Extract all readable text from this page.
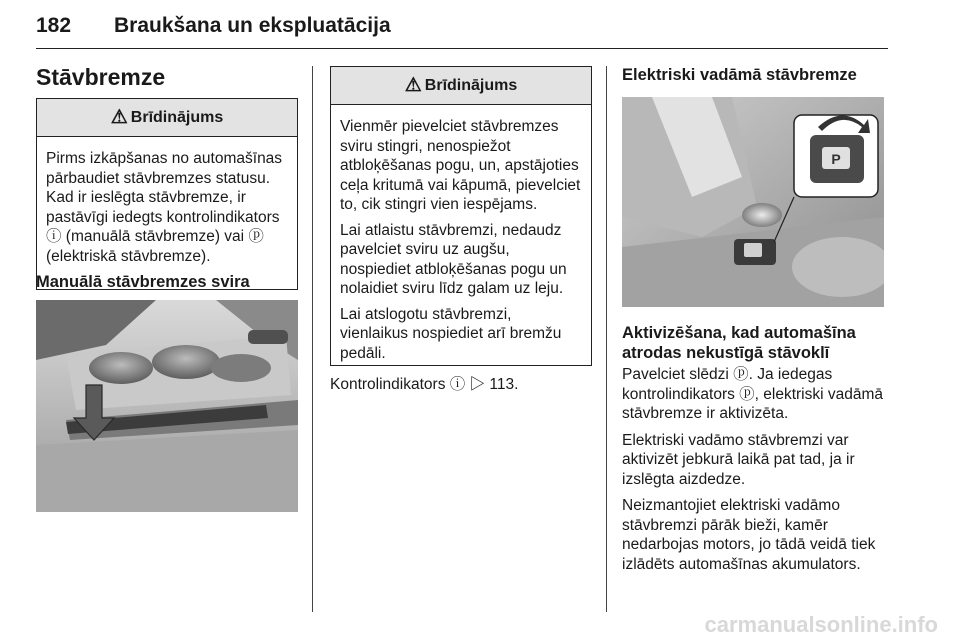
182 Braukšana un ekspluatācija
Stāvbremze
⚠ Brīdinājums

Pirms izkāpšanas no automašīnas pārbaudiet stāvbremzes statusu. Kad ir ieslēgta stāvbremze, ir pastāvīgi iedegts kontrolindikators ⓘ (manuālā stāvbremze) vai ⓟ (elektriskā stāvbremze).

Manuālā stāvbremzes svira
⚠ Brīdinājums

Vienmēr pievelciet stāvbremzes sviru stingri, nenospiežot atbloķēšanas pogu, un, apstājoties ceļa kritumā vai kāpumā, pievelciet to, cik stingri vien iespējams.

Lai atlaistu stāvbremzi, nedaudz pavelciet sviru uz augšu, nospiediet atbloķēšanas pogu un nolaidiet sviru līdz galam uz leju.

Lai atslogotu stāvbremzi, vienlaikus nospiediet arī bremžu pedāli.

Kontrolindikators ⓘ ▷ 113.
Elektriski vadāmā stāvbremze
P
Aktivizēšana, kad automašīna atrodas nekustīgā stāvoklī

Pavelciet slēdzi ⓟ. Ja iedegas kontrolindikators ⓟ, elektriski vadāmā stāvbremze ir aktivizēta.

Elektriski vadāmo stāvbremzi var aktivizēt jebkurā laikā pat tad, ja ir izslēgta aizdedze.

Neizmantojiet elektriski vadāmo stāvbremzi pārāk bieži, kamēr nedarbojas motors, jo tādā veidā tiek izlādēts automašīnas akumulators.

carmanualsonline.info
